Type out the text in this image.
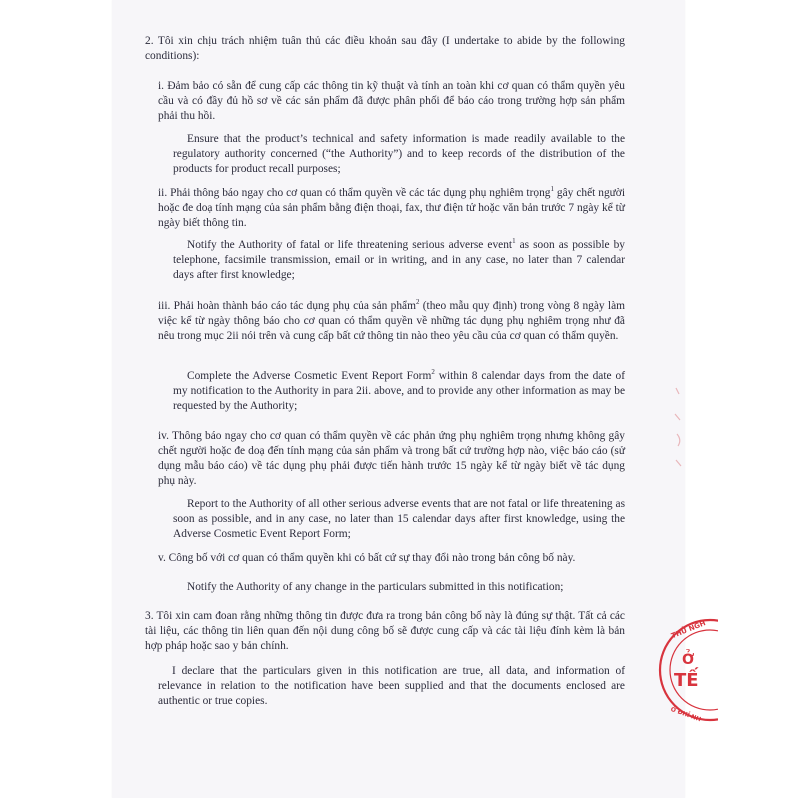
2. Tôi xin chịu trách nhiệm tuân thủ các điều khoản sau đây (I undertake to abide by the following conditions):
i. Đảm bảo có sẵn để cung cấp các thông tin kỹ thuật và tính an toàn khi cơ quan có thẩm quyền yêu cầu và có đầy đủ hồ sơ về các sản phẩm đã được phân phối để báo cáo trong trường hợp sản phẩm phải thu hồi.
Ensure that the product’s technical and safety information is made readily available to the regulatory authority concerned (“the Authority”) and to keep records of the distribution of the products for product recall purposes;
ii. Phải thông báo ngay cho cơ quan có thẩm quyền về các tác dụng phụ nghiêm trọng$^1$ gây chết người hoặc đe doạ tính mạng của sản phẩm bằng điện thoại, fax, thư điện tử hoặc văn bản trước 7 ngày kể từ ngày biết thông tin.
Notify the Authority of fatal or life threatening serious adverse event$^1$ as soon as possible by telephone, facsimile transmission, email or in writing, and in any case, no later than 7 calendar days after first knowledge;
iii. Phải hoàn thành báo cáo tác dụng phụ của sản phẩm$^2$ (theo mẫu quy định) trong vòng 8 ngày làm việc kể từ ngày thông báo cho cơ quan có thẩm quyền về những tác dụng phụ nghiêm trọng như đã nêu trong mục 2ii nói trên và cung cấp bất cứ thông tin nào theo yêu cầu của cơ quan có thẩm quyền.
Complete the Adverse Cosmetic Event Report Form$^2$ within 8 calendar days from the date of my notification to the Authority in para 2ii. above, and to provide any other information as may be requested by the Authority;
iv. Thông báo ngay cho cơ quan có thẩm quyền về các phản ứng phụ nghiêm trọng nhưng không gây chết người hoặc đe doạ đến tính mạng của sản phẩm và trong bất cứ trường hợp nào, việc báo cáo (sử dụng mẫu báo cáo) về tác dụng phụ phải được tiến hành trước 15 ngày kể từ ngày biết về tác dụng phụ này.
Report to the Authority of all other serious adverse events that are not fatal or life threatening as soon as possible, and in any case, no later than 15 calendar days after first knowledge, using the Adverse Cosmetic Event Report Form;
v. Công bố với cơ quan có thẩm quyền khi có bất cứ sự thay đổi nào trong bản công bố này.
Notify the Authority of any change in the particulars submitted in this notification;
3. Tôi xin cam đoan rằng những thông tin được đưa ra trong bản công bố này là đúng sự thật. Tất cả các tài liệu, các thông tin liên quan đến nội dung công bố sẽ được cung cấp và các tài liệu đính kèm là bản hợp pháp hoặc sao y bản chính.
I declare that the particulars given in this notification are true, all data, and information of relevance in relation to the notification have been supplied and that the documents enclosed are authentic or true copies.
THỦ NGH
Ở
TẾ
Ở ĐHỈ NH
